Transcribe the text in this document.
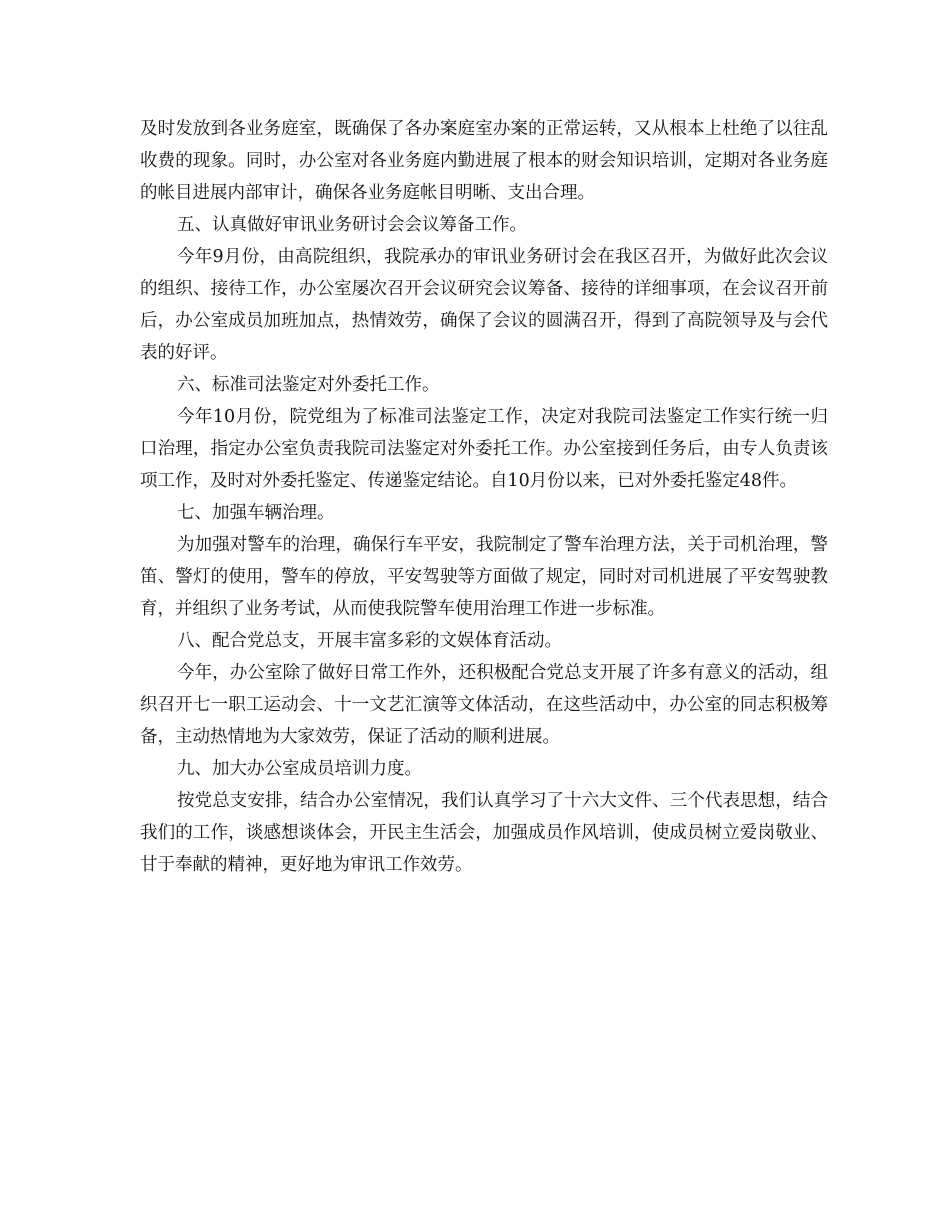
及时发放到各业务庭室，既确保了各办案庭室办案的正常运转，又从根本上杜绝了以往乱收费的现象。同时，办公室对各业务庭内勤进展了根本的财会知识培训，定期对各业务庭的帐目进展内部审计，确保各业务庭帐目明晰、支出合理。

五、认真做好审讯业务研讨会会议筹备工作。

今年9月份，由高院组织，我院承办的审讯业务研讨会在我区召开，为做好此次会议的组织、接待工作，办公室屡次召开会议研究会议筹备、接待的详细事项，在会议召开前后，办公室成员加班加点，热情效劳，确保了会议的圆满召开，得到了高院领导及与会代表的好评。

六、标准司法鉴定对外委托工作。

今年10月份，院党组为了标准司法鉴定工作，决定对我院司法鉴定工作实行统一归口治理，指定办公室负责我院司法鉴定对外委托工作。办公室接到任务后，由专人负责该项工作，及时对外委托鉴定、传递鉴定结论。自10月份以来，已对外委托鉴定48件。

七、加强车辆治理。

为加强对警车的治理，确保行车平安，我院制定了警车治理方法，关于司机治理，警笛、警灯的使用，警车的停放，平安驾驶等方面做了规定，同时对司机进展了平安驾驶教育，并组织了业务考试，从而使我院警车使用治理工作进一步标准。

八、配合党总支，开展丰富多彩的文娱体育活动。

今年，办公室除了做好日常工作外，还积极配合党总支开展了许多有意义的活动，组织召开七一职工运动会、十一文艺汇演等文体活动，在这些活动中，办公室的同志积极筹备，主动热情地为大家效劳，保证了活动的顺利进展。

九、加大办公室成员培训力度。

按党总支安排，结合办公室情况，我们认真学习了十六大文件、三个代表思想，结合我们的工作，谈感想谈体会，开民主生活会，加强成员作风培训，使成员树立爱岗敬业、甘于奉献的精神，更好地为审讯工作效劳。
